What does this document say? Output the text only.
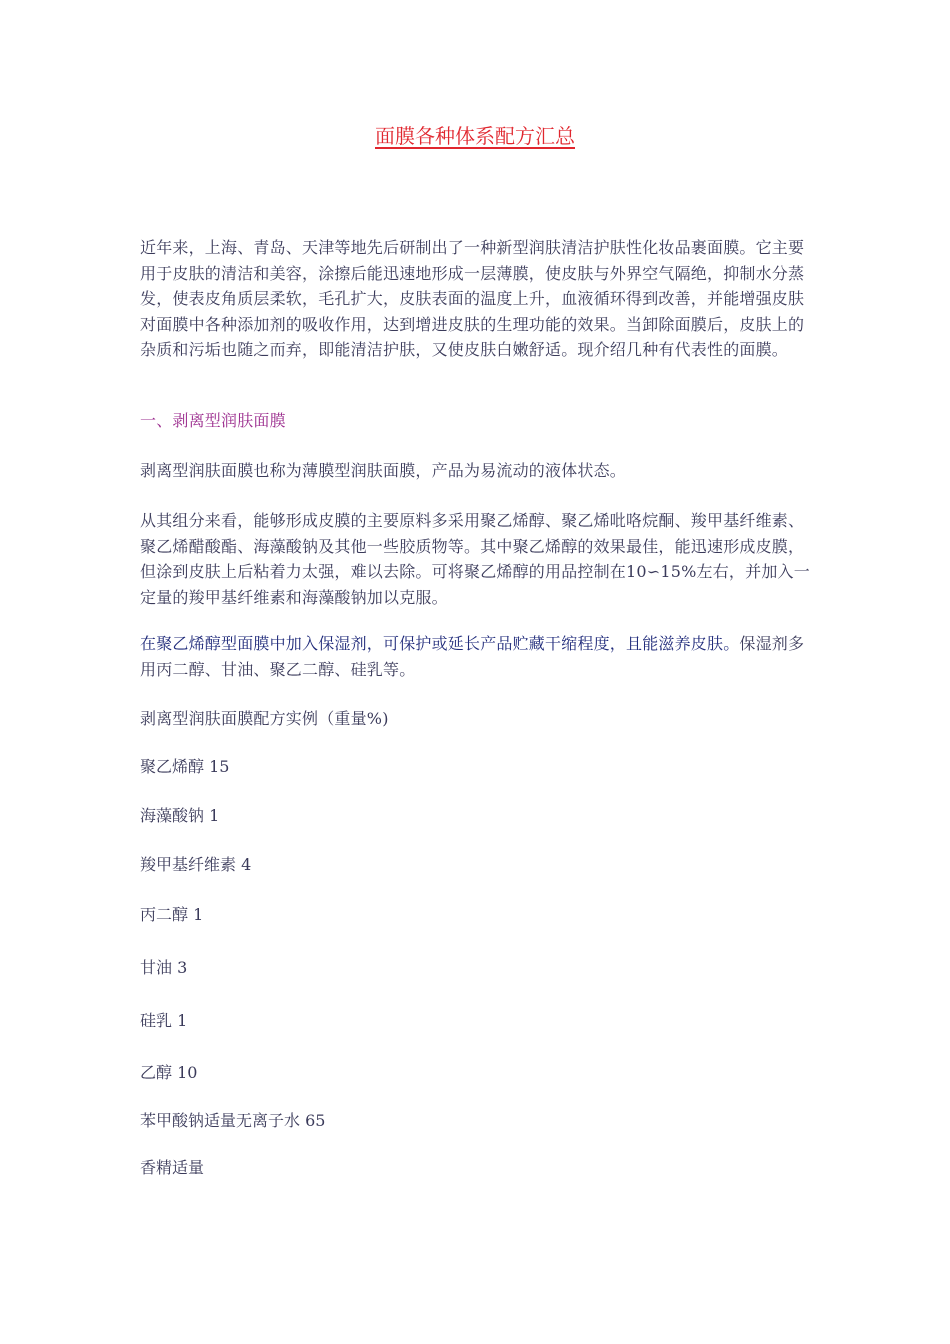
面膜各种体系配方汇总
近年来，上海、青岛、天津等地先后研制出了一种新型润肤清洁护肤性化妆品裹面膜。它主要用于皮肤的清洁和美容，涂擦后能迅速地形成一层薄膜，使皮肤与外界空气隔绝，抑制水分蒸发，使表皮角质层柔软，毛孔扩大，皮肤表面的温度上升，血液循环得到改善，并能增强皮肤对面膜中各种添加剂的吸收作用，达到增进皮肤的生理功能的效果。当卸除面膜后，皮肤上的杂质和污垢也随之而弃，即能清洁护肤，又使皮肤白嫩舒适。现介绍几种有代表性的面膜。
一、剥离型润肤面膜
剥离型润肤面膜也称为薄膜型润肤面膜，产品为易流动的液体状态。
从其组分来看，能够形成皮膜的主要原料多采用聚乙烯醇、聚乙烯吡咯烷酮、羧甲基纤维素、聚乙烯醋酸酯、海藻酸钠及其他一些胶质物等。其中聚乙烯醇的效果最佳，能迅速形成皮膜，但涂到皮肤上后粘着力太强，难以去除。可将聚乙烯醇的用品控制在10∽15%左右，并加入一定量的羧甲基纤维素和海藻酸钠加以克服。
在聚乙烯醇型面膜中加入保湿剂，可保护或延长产品贮藏干缩程度，且能滋养皮肤。保湿剂多用丙二醇、甘油、聚乙二醇、硅乳等。
剥离型润肤面膜配方实例（重量%)
聚乙烯醇 15
海藻酸钠 1
羧甲基纤维素 4
丙二醇 1
甘油 3
硅乳 1
乙醇 10
苯甲酸钠适量无离子水 65
香精适量
